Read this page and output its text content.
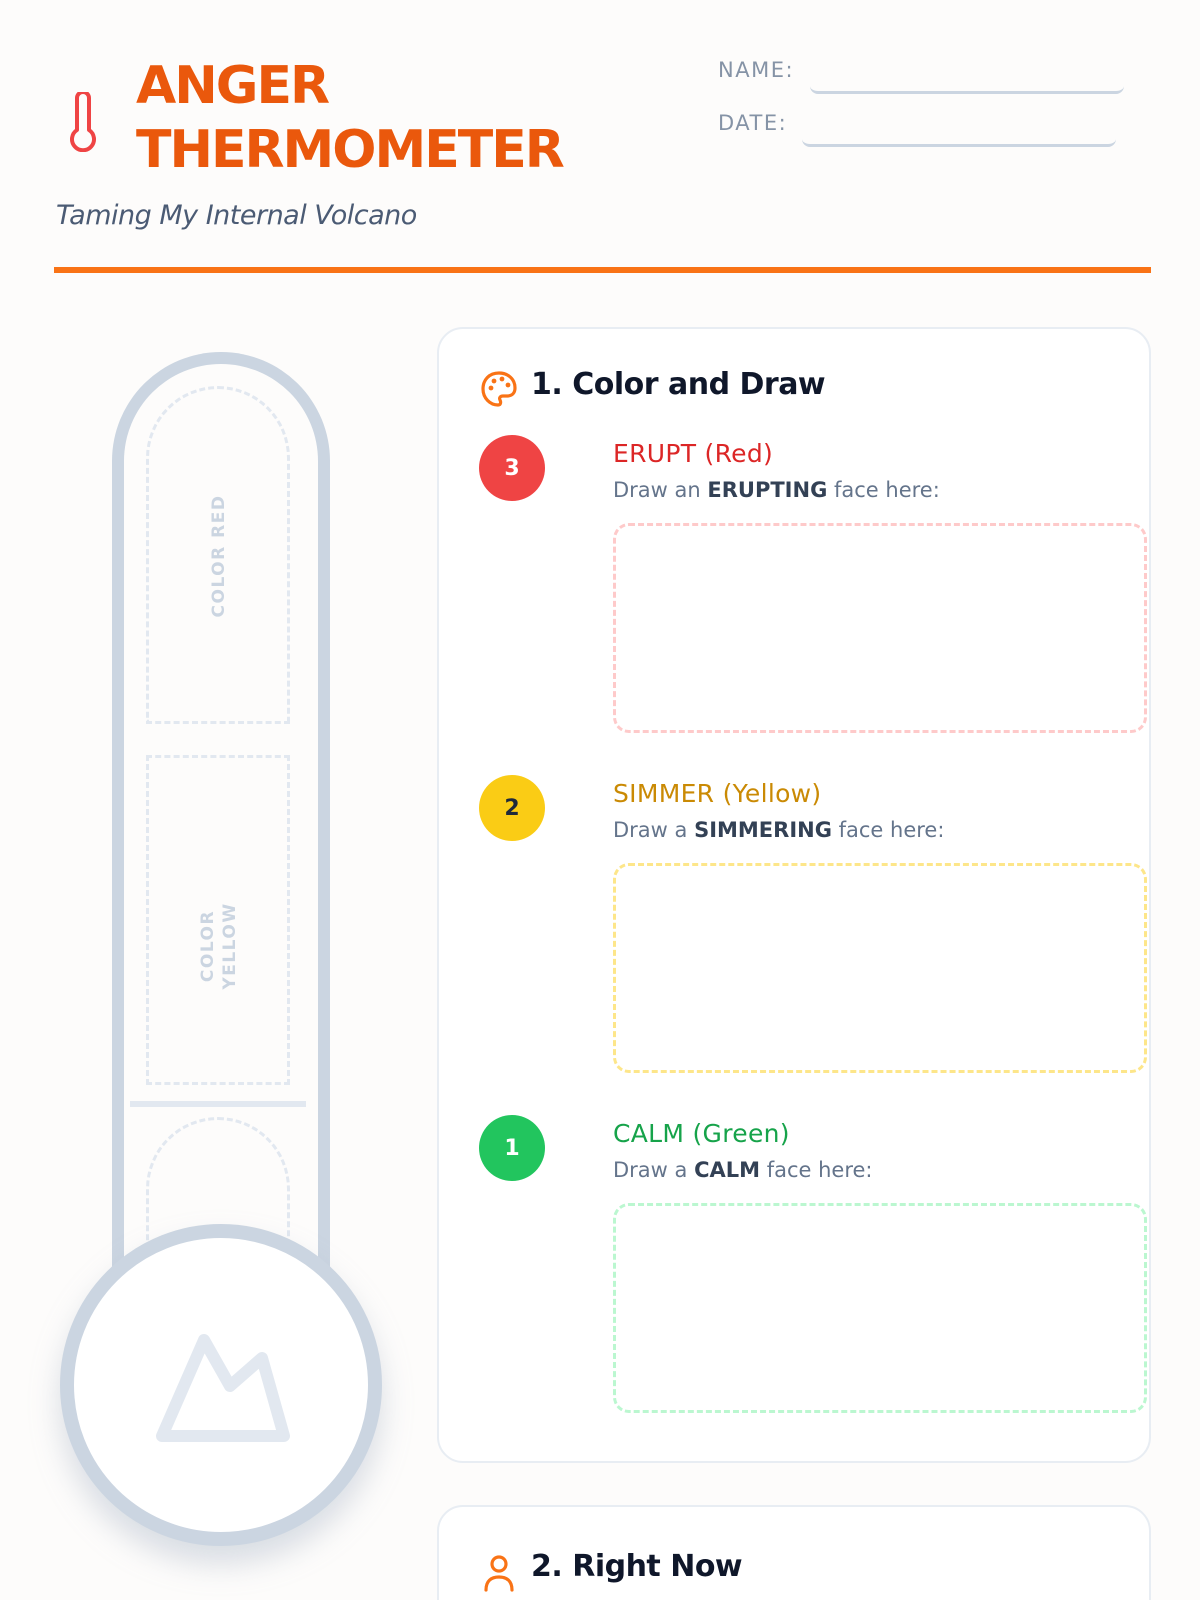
ANGER
THERMOMETER
Taming My Internal Volcano
NAME:
DATE:
COLOR RED
COLOR YELLOW
1. Color and Draw
3	ERUPT (Red)
Draw an ERUPTING face here:
2	SIMMER (Yellow)
Draw a SIMMERING face here:
1	CALM (Green)
Draw a CALM face here:
2. Right Now
